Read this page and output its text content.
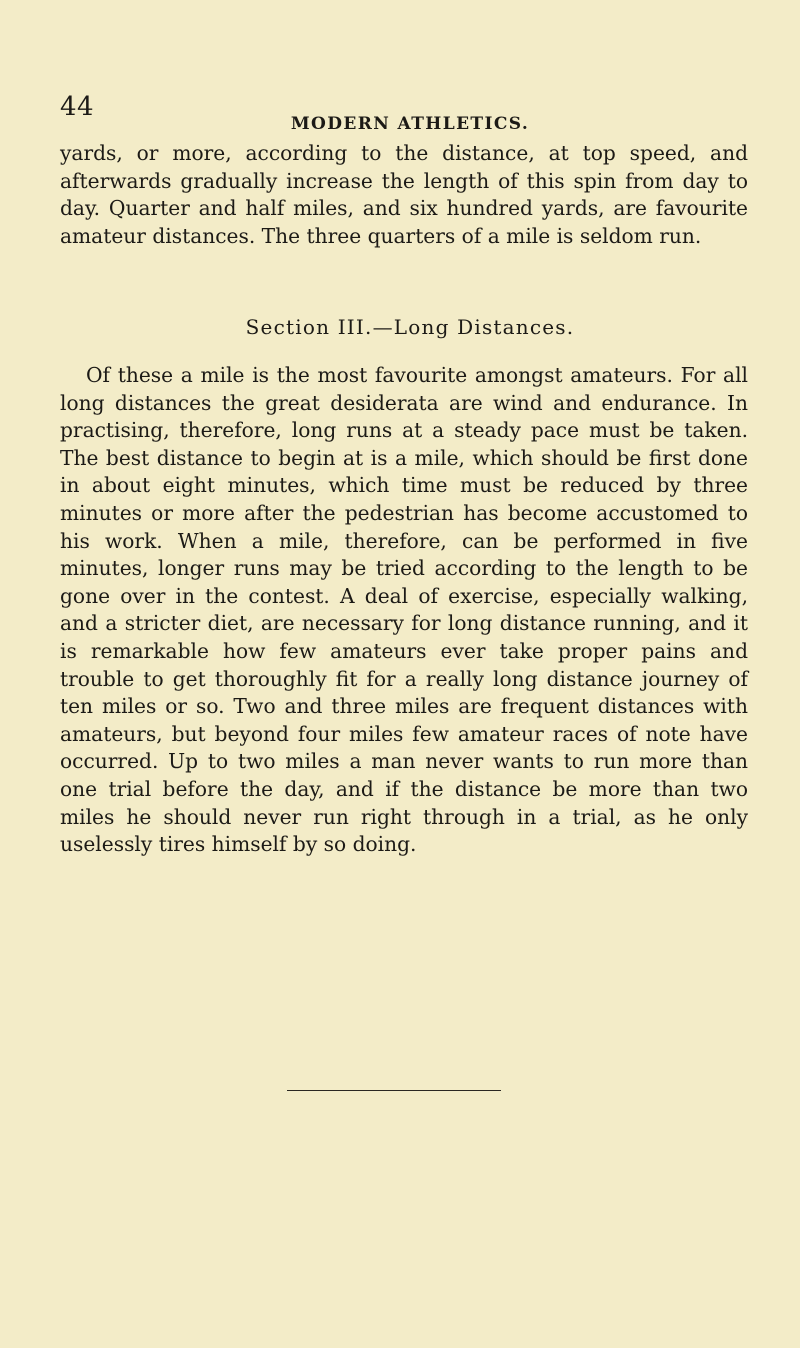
44
MODERN ATHLETICS.

yards, or more, according to the distance, at top speed, and afterwards gradually increase the length of this spin from day to day. Quarter and half miles, and six hundred yards, are favourite amateur distances. The three quarters of a mile is seldom run.

Section III.—Long Distances.

Of these a mile is the most favourite amongst amateurs. For all long distances the great desiderata are wind and endurance. In practising, therefore, long runs at a steady pace must be taken. The best distance to begin at is a mile, which should be first done in about eight minutes, which time must be reduced by three minutes or more after the pedestrian has become accustomed to his work. When a mile, therefore, can be performed in five minutes, longer runs may be tried according to the length to be gone over in the contest. A deal of exercise, especially walking, and a stricter diet, are necessary for long distance running, and it is remarkable how few amateurs ever take proper pains and trouble to get thoroughly fit for a really long distance journey of ten miles or so. Two and three miles are frequent distances with amateurs, but beyond four miles few amateur races of note have occurred. Up to two miles a man never wants to run more than one trial before the day, and if the distance be more than two miles he should never run right through in a trial, as he only uselessly tires himself by so doing.
